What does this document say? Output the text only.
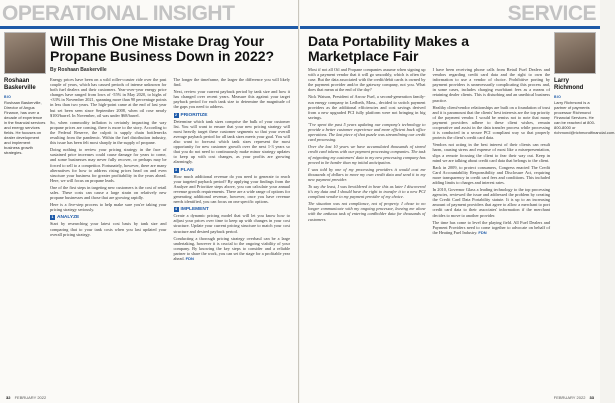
OPERATIONAL INSIGHT
Roshaan
Baskerville
BIO
Roshaan Baskerville, Director of Angus Finance, has over a decade of experience in the financial services and energy services fields. He focuses on dealer development and implement business growth strategies.
Will This One Mistake Drag Your Propane Business Down in 2022?
By Roshaan Baskerville

Energy prices have been on a wild roller-coaster ride over the past couple of years, which has caused periods of intense unknown for both fuel dealers and their customers. Year-over-year energy price changes have ranged from lows of -55% in May 2020, to highs of +33% in November 2021, spanning more than 90 percentage points in less than two years. The high-point came at the end of last year but set been seen since September 2008, when oil rose nearly $100/barrel. In November, oil was under $68/barrel.

So, when commodity inflation is certainly impacting the way propane prices are coming, there is more to the story. According to the Federal Reserve, the culprit is supply chain bottlenecks resulting from the pandemic. Within the fuel distribution industry, this issue has been felt most sharply in the supply of propane.

Doing nothing to review your pricing strategy in the face of sustained price increases could cause damage for years to come, and some businesses may never fully recover, or perhaps may be forced to sell to a competitor. Fortunately, however, there are many alternatives for how to address rising prices head on and even structure your business for greater profitability in the years ahead. Here, we will focus on propane leads.

One of the first steps in targeting new customers is the cost of retail sales. These costs can cause a large strain on relatively new propane businesses and those that are growing rapidly.

Here is a five-step process to help make sure you're taking your pricing strategy seriously.

1 ANALYZE

Start by researching your latest cost basis by tank size and comparing that to your tank costs when you last updated your overall pricing strategy.

The longer the timeframe, the larger the difference you will likely find.

Next, review your current payback period by tank size and how it has changed over recent years. Measure this against your target payback period for each tank size to determine the magnitude of the gaps you need to address.

2 PRIORITIZE

Determine which tank sizes comprise the bulk of your customer list. You will want to ensure that your new pricing strategy will most heavily target these customer segments so that your overall average payback period for all tank sizes meets your goal. You will also want to forecast which tank sizes represent the most opportunity for new customer growth over the next 1-3 years so that you do not need to continuously make minor strategy updates to keep up with cost changes, as your profits are growing alarmingly.

3 PLAN

How much additional revenue do you need to generate to reach your targeted payback period? By applying your findings from the Analyze and Prioritize steps above, you can calculate your annual revenue growth requirements. There are a wide range of options for generating additional revenue, however, once you have revenue needs identified, you can focus on one specific options.

4 IMPLEMENT

Create a dynamic pricing model that will let you know how to adjust your prices over time to keep up with changes in your cost structure. Update your current pricing structure to match your cost structure and desired payback period.

Conducting a thorough pricing strategy overhaul can be a large undertaking, however it is crucial to the ongoing viability of your company. By knowing the key steps to consider and a reliable partner to share the work, you can set the stage for a profitable year ahead. FDN

32 FEBRUARY 2022
SERVICE
Larry
Richmond
BIO
Larry Richmond is a partner of payments processor Richmond Financial Services. He can be reached at 800-800-8000 or richmond@richmondfinancial.com.
Data Portability Makes a Marketplace Fair

Most if not all Oil and Propane companies assume when signing up with a payment vendor that it will go smoothly, which is often the case. But the data associated with the credit/debit cards is owned by the payment provider and/or the gateway company, not you. What does that mean at the end of the day?

Nick Watson, President of Arrow Fuel, a second-generation family-run energy company in Ledbeth, Mass., decided to switch payment providers as the additional efficiencies and cost savings derived from a new upgraded PCI fully platform were not bringing in big savings.

"I've spent the past 5 years updating our company's technology to provide a better customer experience and more efficient back office operations. The last piece of that puzzle was streamlining our credit card processing.

Over the last 10 years we have accumulated thousands of stored credit card tokens with our payment processing companies. The task of migrating my customers' data to my new processing company has proved to be harder than my initial anticipation.

I was told by one of my processing providers it would cost me thousands of dollars to move my own credit data and send it to my new payment provider.

To say the least, I was bewildered to hear this as later I discovered it's my data and I should have the right to transfer it to a new PCI compliant vendor to my payment provider of my choice.

The situation was not compliance, not of property. I chose to no longer communicate with my ongoing processor, leaving me alone with the arduous task of entering cardholder data for thousands of customers.

I have been receiving phone calls from Retail Fuel Dealers and vendors regarding credit card data and the right to own the information to use a vendor of choice. Prohibitive porting by payment providers is unnecessarily complicating this process and, in some cases, includes charging exorbitant fees as a means of retaining dealer clients. This is disturbing and an unethical business practice.

Healthy client/vendor relationships are built on a foundation of trust and it is paramount that the clients' best interests are the top priority of the payment vendor. I would be remiss not to note that many payment providers adhere to these client wishes, remain cooperative and assist in the data transfer process while processing it is conducted in a secure PCI compliant way so that properly protects the client's credit card data.

Vendors not acting in the best interest of their clients can result harm, causing stress and expense of most like a misrepresentation, slips a remote focusing the client to fear their way out. Keep in mind we are talking about credit card data that belongs to the client.

Back in 2009, to protect consumers, Congress enacted The Credit Card Accountability Responsibility and Disclosure Act, requiring more transparency in credit card fees and conditions. This included adding limits to charges and interest rates.

In 2010, Governor Glass a leading technology to the top processing agencies, reviewed the issue and addressed the problem by creating the Credit Card Data Portability statute. It is up to an increasing amount of payment providers that agree to allow a merchant to port credit card data to their associates' information if the merchant decides to move to another provider.

The time has come to level the playing field. All Fuel Dealers and Payment Providers need to come together to advocate on behalf of the Heating Fuel Industry. FDN

FEBRUARY 2022 33
